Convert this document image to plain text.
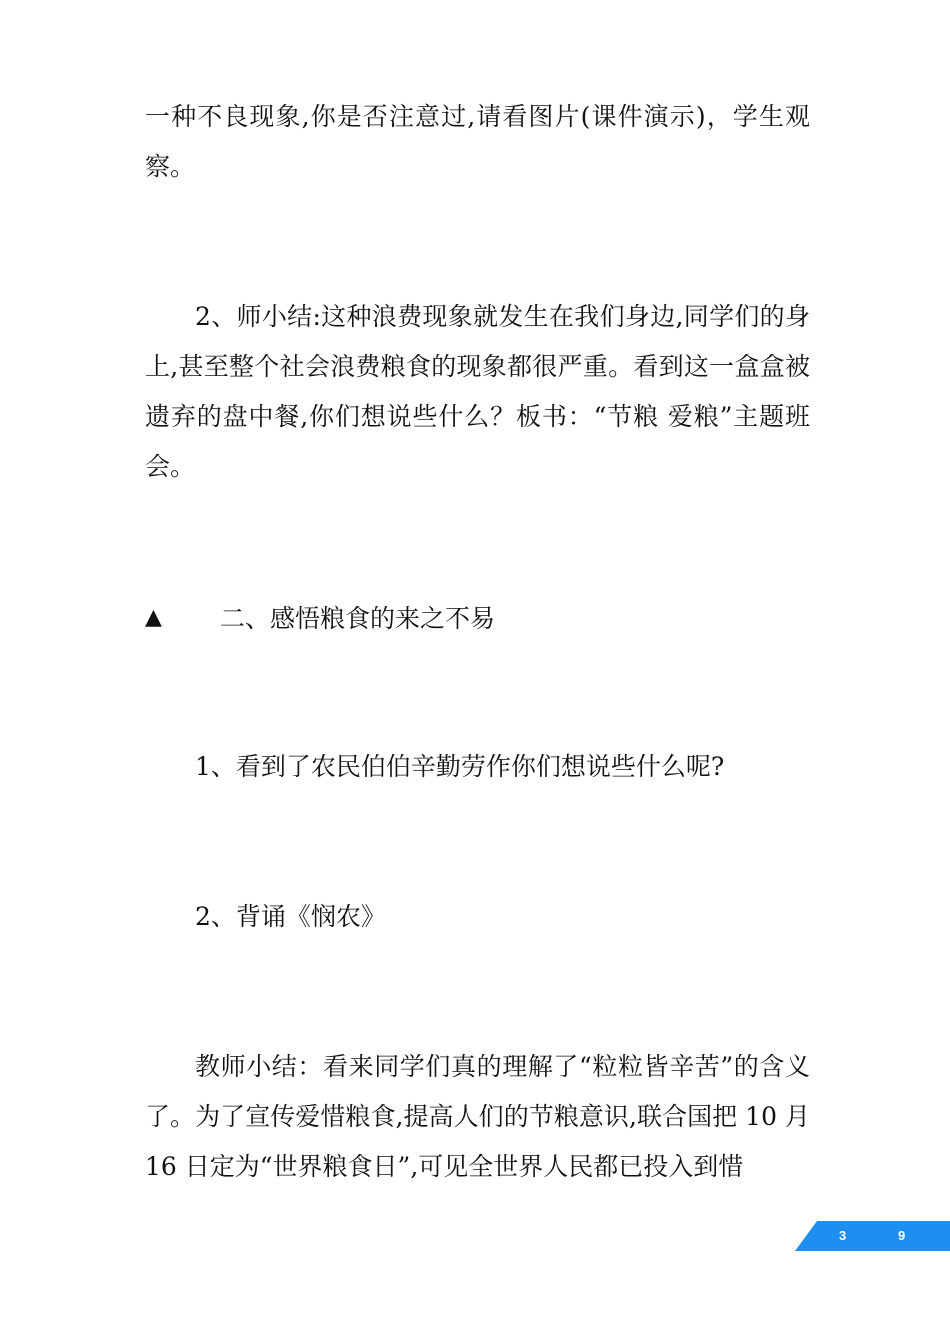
一种不良现象,你是否注意过,请看图片(课件演示)，学生观察。

2、师小结:这种浪费现象就发生在我们身边,同学们的身上,甚至整个社会浪费粮食的现象都很严重。看到这一盒盒被遗弃的盘中餐,你们想说些什么？板书：“节粮 爱粮”主题班会。

▲	二、感悟粮食的来之不易

1、看到了农民伯伯辛勤劳作你们想说些什么呢?

2、背诵《悯农》

教师小结：看来同学们真的理解了“粒粒皆辛苦”的含义了。为了宣传爱惜粮食,提高人们的节粮意识,联合国把 10 月 16 日定为“世界粮食日”,可见全世界人民都已投入到惜

3	9
